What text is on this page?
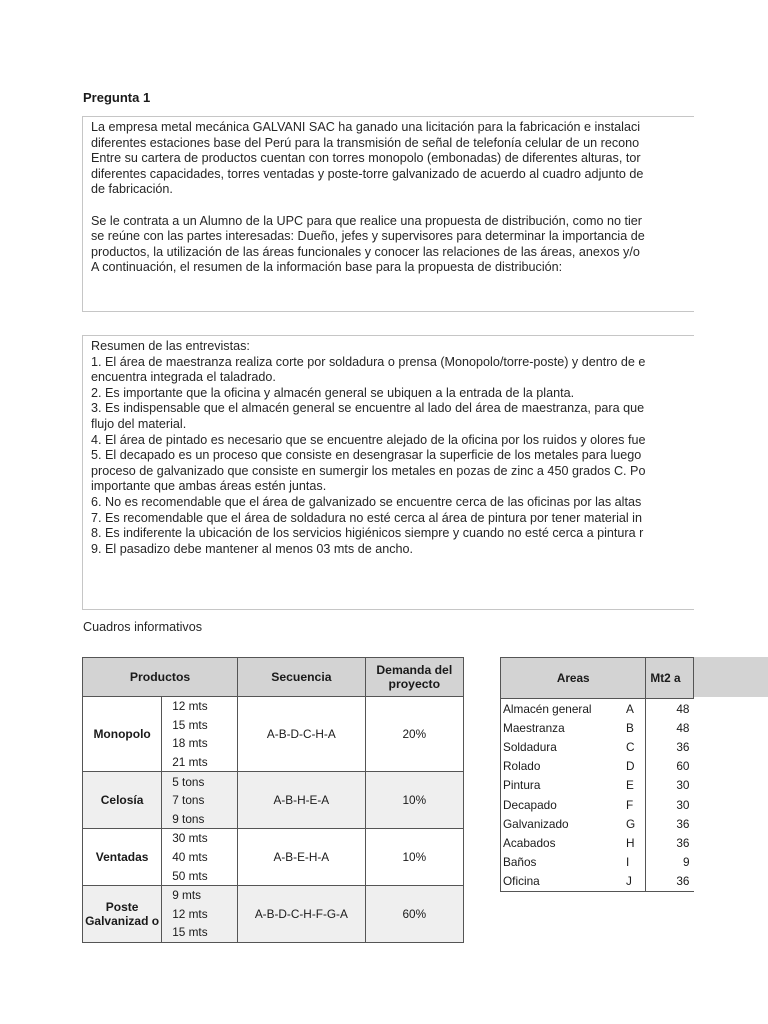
Pregunta 1
La empresa metal mecánica GALVANI SAC ha ganado una licitación para la fabricación e instalaci
diferentes estaciones base del Perú para la transmisión de señal de telefonía celular de un recono
Entre su cartera de productos cuentan con torres monopolo (embonadas) de diferentes alturas, tor
diferentes capacidades, torres ventadas y poste-torre galvanizado de acuerdo al cuadro adjunto de
de fabricación.
Se le contrata a un Alumno de la UPC para que realice una propuesta de distribución, como no tier
se reúne con las partes interesadas: Dueño, jefes y supervisores para determinar la importancia de
productos, la utilización de las áreas funcionales y conocer las relaciones de las áreas, anexos y/o
A continuación, el resumen de la información base para la propuesta de distribución:
Resumen de las entrevistas:
1. El área de maestranza realiza corte por soldadura o prensa (Monopolo/torre-poste) y dentro de e
encuentra integrada el taladrado.
2. Es importante que la oficina y almacén general se ubiquen a la entrada de la planta.
3. Es indispensable que el almacén general se encuentre al lado del área de maestranza, para que
flujo del material.
4. El área de pintado es necesario que se encuentre alejado de la oficina por los ruidos y olores fue
5. El decapado es un proceso que consiste en desengrasar la superficie de los metales para luego
proceso de galvanizado que consiste en sumergir los metales en pozas de zinc a 450 grados C. Po
importante que ambas áreas estén juntas.
6. No es recomendable que el área de galvanizado se encuentre cerca de las oficinas por las altas
7. Es recomendable que el área de soldadura no esté cerca al área de pintura por tener material in
8. Es indiferente la ubicación de los servicios higiénicos siempre y cuando no esté cerca a pintura r
9. El pasadizo debe mantener al menos 03 mts de ancho.
Cuadros informativos
Productos		Secuencia	Demanda del proyecto
Monopolo	12 mts	A-B-D-C-H-A	20%
	15 mts		
	18 mts		
	21 mts		
Celosía	5 tons	A-B-H-E-A	10%
	7 tons		
	9 tons		
Ventadas	30 mts	A-B-E-H-A	10%
	40 mts		
	50 mts		
Poste Galvanizad o	9 mts	A-B-D-C-H-F-G-A	60%
	12 mts		
	15 mts		
Areas		Mt2 a
Almacén general	A	48
Maestranza	B	48
Soldadura	C	36
Rolado	D	60
Pintura	E	30
Decapado	F	30
Galvanizado	G	36
Acabados	H	36
Baños	I	9
Oficina	J	36
